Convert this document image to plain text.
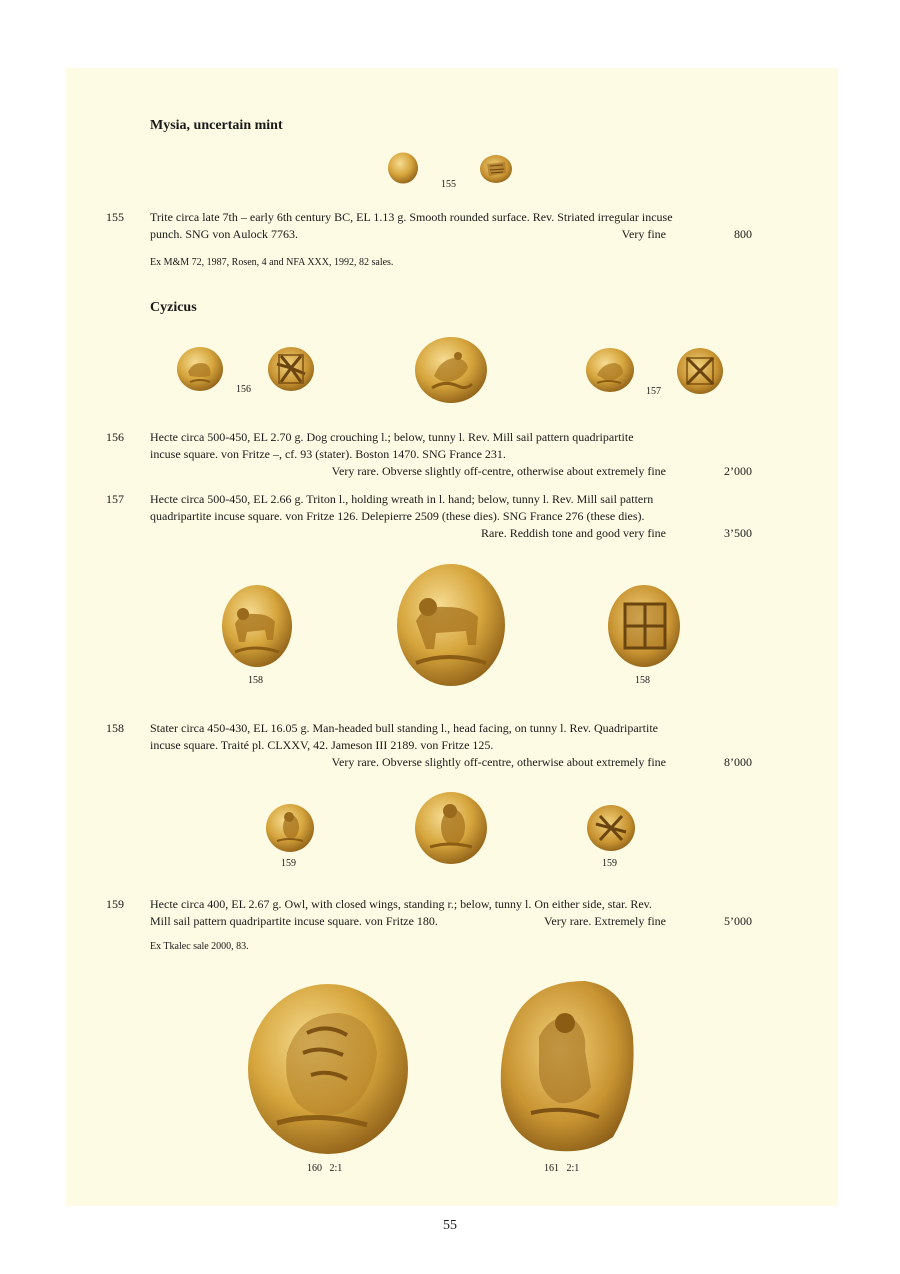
Mysia, uncertain mint
155
155 Trite circa late 7th – early 6th century BC, EL 1.13 g. Smooth rounded surface. Rev. Striated irregular incuse
punch. SNG von Aulock 7763.	Very fine	800
Ex M&M 72, 1987, Rosen, 4 and NFA XXX, 1992, 82 sales.
Cyzicus
156	157
156 Hecte circa 500-450, EL 2.70 g. Dog crouching l.; below, tunny l. Rev. Mill sail pattern quadripartite
incuse square. von Fritze –, cf. 93 (stater). Boston 1470. SNG France 231.
Very rare. Obverse slightly off-centre, otherwise about extremely fine	2’000
157 Hecte circa 500-450, EL 2.66 g. Triton l., holding wreath in l. hand; below, tunny l. Rev. Mill sail pattern
quadripartite incuse square. von Fritze 126. Delepierre 2509 (these dies). SNG France 276 (these dies).
Rare. Reddish tone and good very fine	3’500
158	158
158 Stater circa 450-430, EL 16.05 g. Man-headed bull standing l., head facing, on tunny l. Rev. Quadripartite
incuse square. Traité pl. CLXXV, 42. Jameson III 2189. von Fritze 125.
Very rare. Obverse slightly off-centre, otherwise about extremely fine	8’000
159	159
159 Hecte circa 400, EL 2.67 g. Owl, with closed wings, standing r.; below, tunny l. On either side, star. Rev.
Mill sail pattern quadripartite incuse square. von Fritze 180.	Very rare. Extremely fine	5’000
Ex Tkalec sale 2000, 83.
160   2:1	161   2:1
55
